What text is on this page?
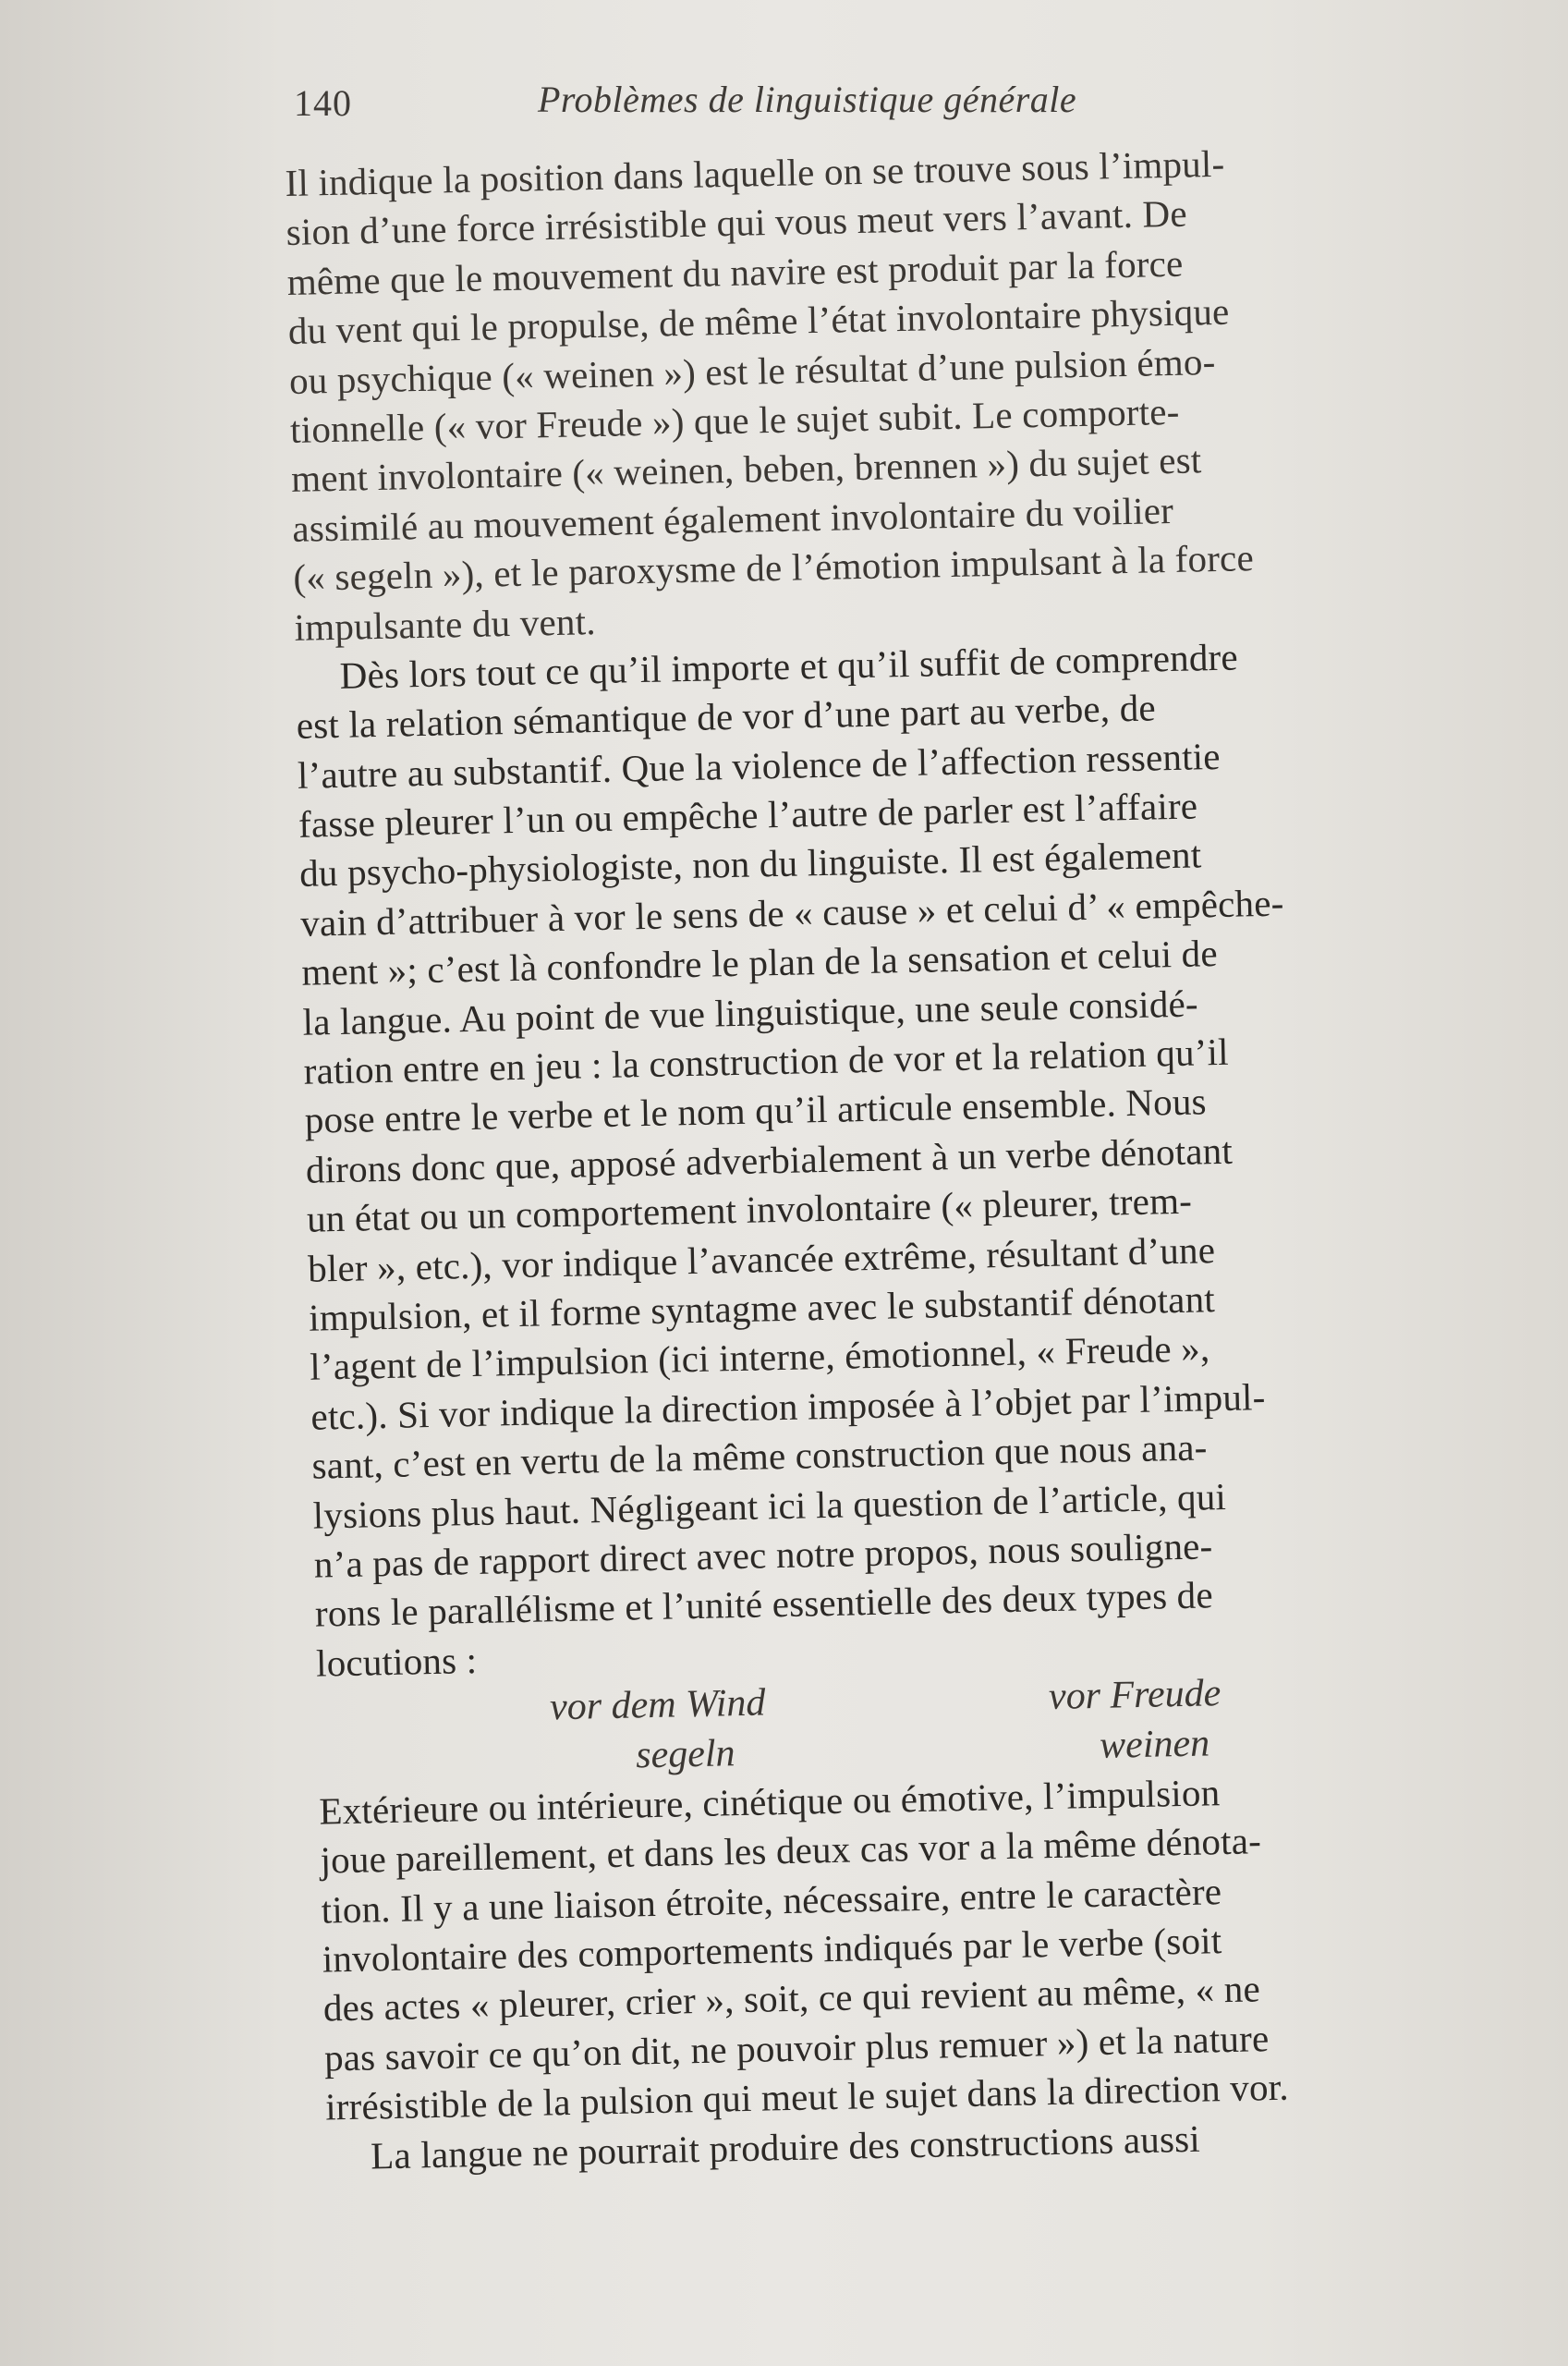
140	Problèmes de linguistique générale
Il indique la position dans laquelle on se trouve sous l’impul-
sion d’une force irrésistible qui vous meut vers l’avant. De
même que le mouvement du navire est produit par la force
du vent qui le propulse, de même l’état involontaire physique
ou psychique (« weinen ») est le résultat d’une pulsion émo-
tionnelle (« vor Freude ») que le sujet subit. Le comporte-
ment involontaire (« weinen, beben, brennen ») du sujet est
assimilé au mouvement également involontaire du voilier
(« segeln »), et le paroxysme de l’émotion impulsant à la force
impulsante du vent.
Dès lors tout ce qu’il importe et qu’il suffit de comprendre
est la relation sémantique de vor d’une part au verbe, de
l’autre au substantif. Que la violence de l’affection ressentie
fasse pleurer l’un ou empêche l’autre de parler est l’affaire
du psycho-physiologiste, non du linguiste. Il est également
vain d’attribuer à vor le sens de « cause » et celui d’ « empêche-
ment »; c’est là confondre le plan de la sensation et celui de
la langue. Au point de vue linguistique, une seule considé-
ration entre en jeu : la construction de vor et la relation qu’il
pose entre le verbe et le nom qu’il articule ensemble. Nous
dirons donc que, apposé adverbialement à un verbe dénotant
un état ou un comportement involontaire (« pleurer, trem-
bler », etc.), vor indique l’avancée extrême, résultant d’une
impulsion, et il forme syntagme avec le substantif dénotant
l’agent de l’impulsion (ici interne, émotionnel, « Freude »,
etc.). Si vor indique la direction imposée à l’objet par l’impul-
sant, c’est en vertu de la même construction que nous ana-
lysions plus haut. Négligeant ici la question de l’article, qui
n’a pas de rapport direct avec notre propos, nous soulignе-
rons le parallélisme et l’unité essentielle des deux types de
locutions :
vor dem Wind	vor Freude
segeln	weinen
Extérieure ou intérieure, cinétique ou émotive, l’impulsion
joue pareillement, et dans les deux cas vor a la même dénota-
tion. Il y a une liaison étroite, nécessaire, entre le caractère
involontaire des comportements indiqués par le verbe (soit
des actes « pleurer, crier », soit, ce qui revient au même, « ne
pas savoir ce qu’on dit, ne pouvoir plus remuer ») et la nature
irrésistible de la pulsion qui meut le sujet dans la direction vor.
La langue ne pourrait produire des constructions aussi
